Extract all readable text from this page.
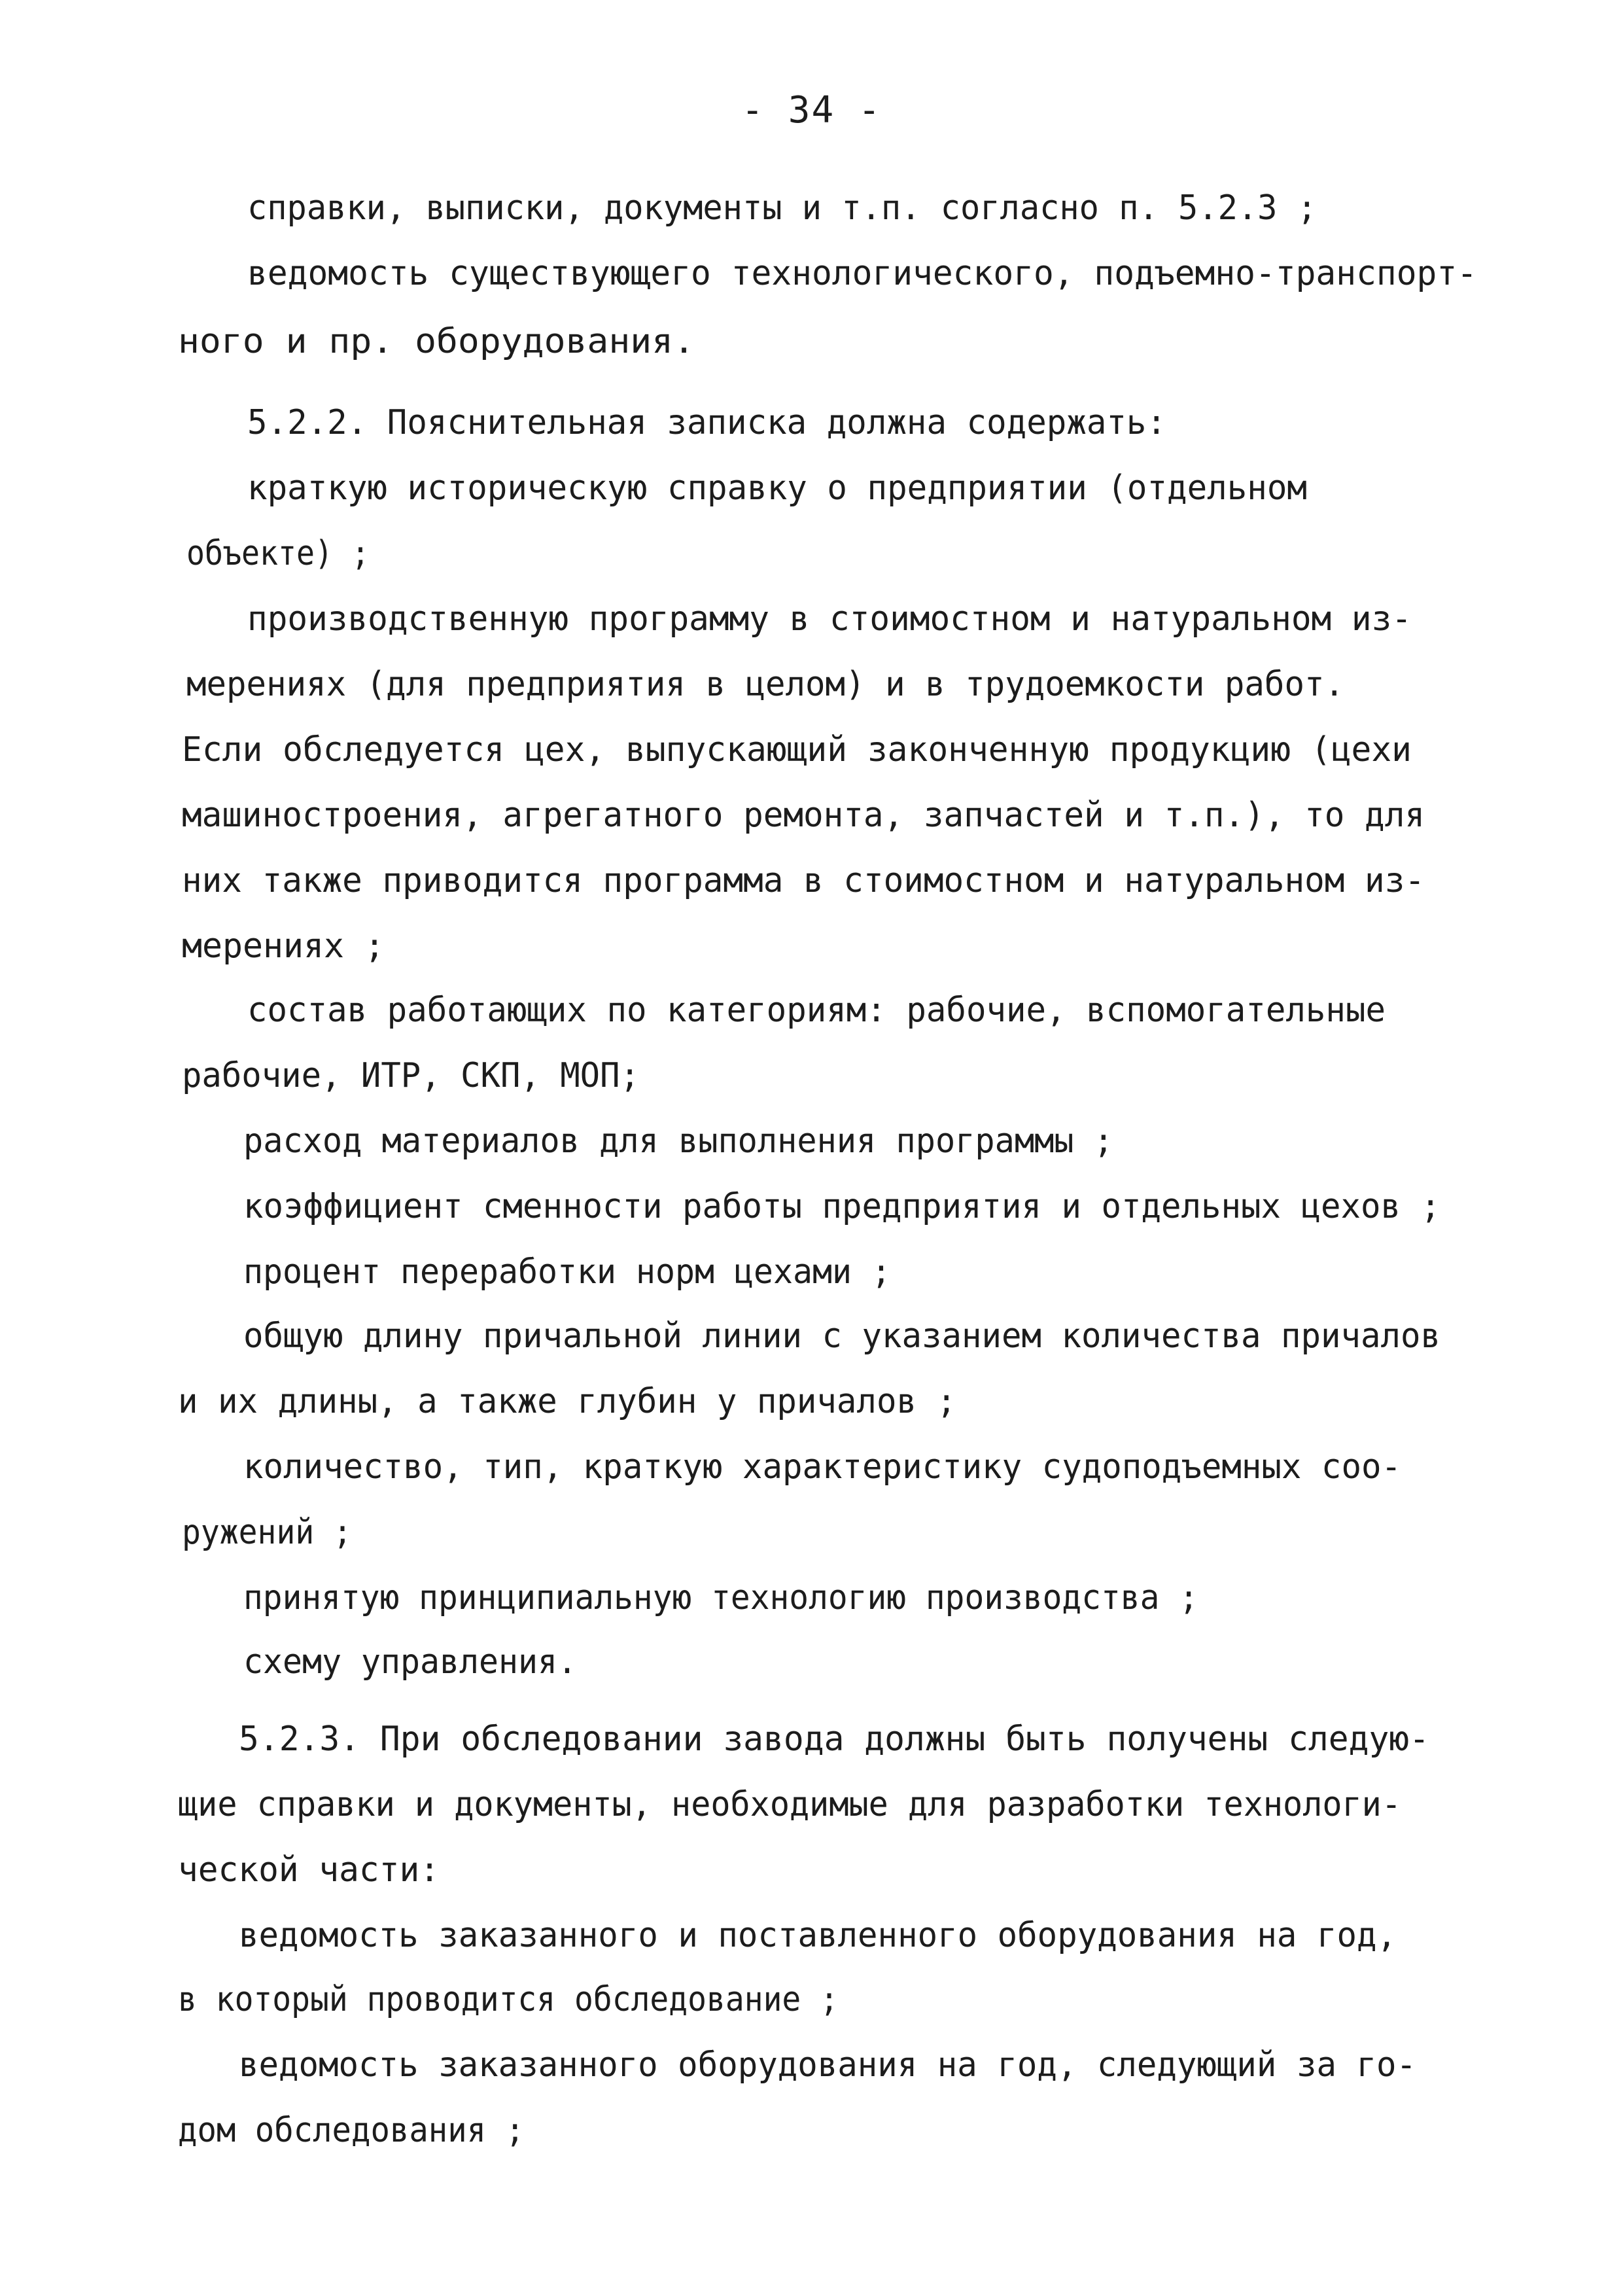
- 34 -
справки, выписки, документы и т.п. согласно п. 5.2.3 ;
ведомость существующего технологического, подъемно-транспорт-
ного и пр. оборудования.
5.2.2. Пояснительная записка должна содержать:
краткую историческую справку о предприятии (отдельном
объекте) ;
производственную программу в стоимостном и натуральном из-
мерениях (для предприятия в целом) и в трудоемкости работ.
Если обследуется цех, выпускающий законченную продукцию (цехи
машиностроения, агрегатного ремонта, запчастей и т.п.), то для
них также приводится программа в стоимостном и натуральном из-
мерениях ;
состав работающих по категориям: рабочие, вспомогательные
рабочие, ИТР, СКП, МОП;
расход материалов для выполнения программы ;
коэффициент сменности работы предприятия и отдельных цехов ;
процент переработки норм цехами ;
общую длину причальной линии с указанием количества причалов
и их длины, а также глубин у причалов ;
количество, тип, краткую характеристику судоподъемных соо-
ружений ;
принятую принципиальную технологию производства ;
схему управления.
5.2.3. При обследовании завода должны быть получены следую-
щие справки и документы, необходимые для разработки технологи-
ческой части:
ведомость заказанного и поставленного оборудования на год,
в который проводится обследование ;
ведомость заказанного оборудования на год, следующий за го-
дом обследования ;
